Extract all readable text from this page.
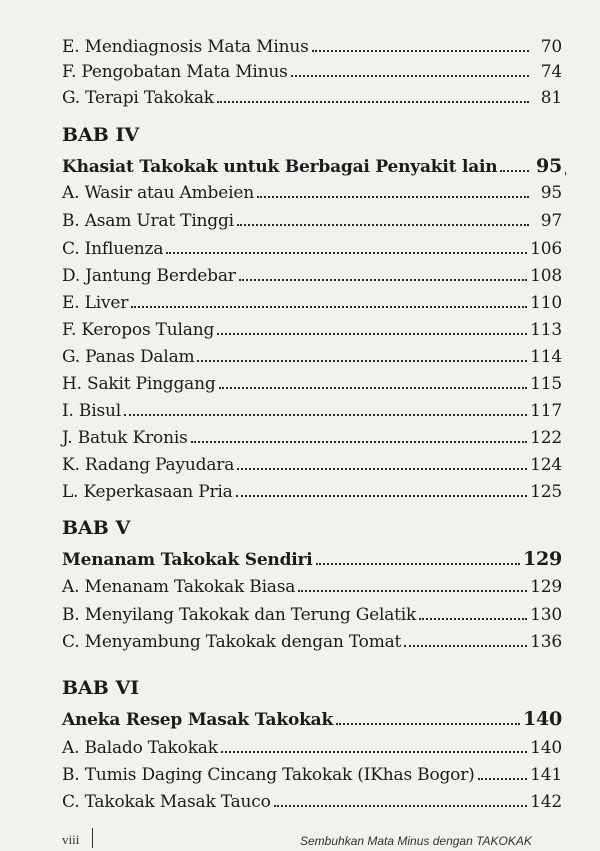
E. Mendiagnosis Mata Minus	70
F. Pengobatan Mata Minus	74
G. Terapi Takokak	81
BAB IV
Khasiat Takokak untuk Berbagai Penyakit lain 95
A. Wasir atau Ambeien	95
B. Asam Urat Tinggi	97
C. Influenza	106
D. Jantung Berdebar	108
E. Liver	110
F. Keropos Tulang	113
G. Panas Dalam	114
H. Sakit Pinggang	115
I. Bisul	117
J. Batuk Kronis	122
K. Radang Payudara	124
L. Keperkasaan Pria	125
BAB V
Menanam Takokak Sendiri	129
A. Menanam Takokak Biasa	129
B. Menyilang Takokak dan Terung Gelatik	130
C. Menyambung Takokak dengan Tomat	136
BAB VI
Aneka Resep Masak Takokak	140
A. Balado Takokak	140
B. Tumis Daging Cincang Takokak (IKhas Bogor)	141
C. Takokak Masak Tauco	142
'
viii	Sembuhkan Mata Minus dengan TAKOKAK
